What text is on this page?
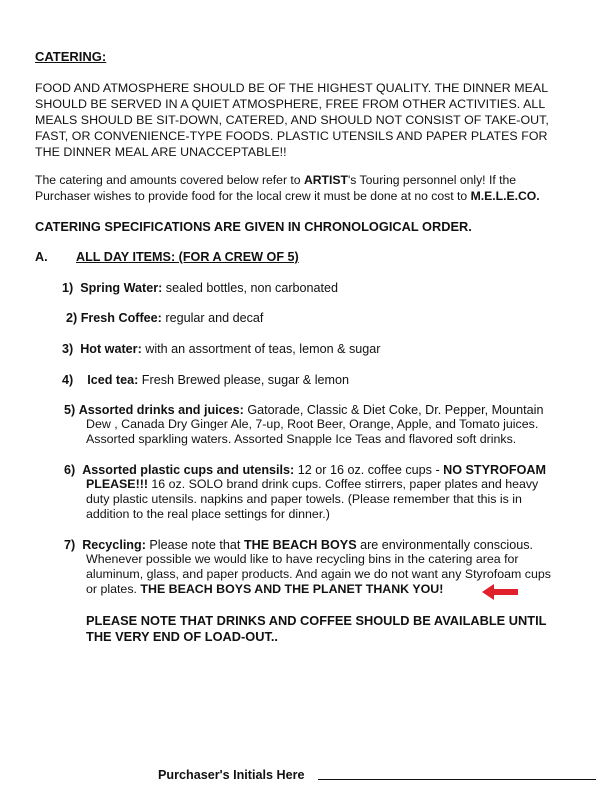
CATERING:
FOOD AND ATMOSPHERE SHOULD BE OF THE HIGHEST QUALITY. THE DINNER MEAL
SHOULD BE SERVED IN A QUIET ATMOSPHERE, FREE FROM OTHER ACTIVITIES. ALL
MEALS SHOULD BE SIT-DOWN, CATERED, AND SHOULD NOT CONSIST OF TAKE-OUT,
FAST, OR CONVENIENCE-TYPE FOODS. PLASTIC UTENSILS AND PAPER PLATES FOR
THE DINNER MEAL ARE UNACCEPTABLE!!
The catering and amounts covered below refer to ARTIST's Touring personnel only! If the
Purchaser wishes to provide food for the local crew it must be done at no cost to M.E.L.E.CO.
CATERING SPECIFICATIONS ARE GIVEN IN CHRONOLOGICAL ORDER.
A. ALL DAY ITEMS: (FOR A CREW OF 5)
1) Spring Water: sealed bottles, non carbonated
2) Fresh Coffee: regular and decaf
3) Hot water: with an assortment of teas, lemon & sugar
4) Iced tea: Fresh Brewed please, sugar & lemon
5) Assorted drinks and juices: Gatorade, Classic & Diet Coke, Dr. Pepper, Mountain
Dew , Canada Dry Ginger Ale, 7-up, Root Beer, Orange, Apple, and Tomato juices.
Assorted sparkling waters. Assorted Snapple Ice Teas and flavored soft drinks.
6) Assorted plastic cups and utensils: 12 or 16 oz. coffee cups - NO STYROFOAM
PLEASE!!! 16 oz. SOLO brand drink cups. Coffee stirrers, paper plates and heavy
duty plastic utensils. napkins and paper towels. (Please remember that this is in
addition to the real place settings for dinner.)
7) Recycling: Please note that THE BEACH BOYS are environmentally conscious.
Whenever possible we would like to have recycling bins in the catering area for
aluminum, glass, and paper products. And again we do not want any Styrofoam cups
or plates. THE BEACH BOYS AND THE PLANET THANK YOU!
PLEASE NOTE THAT DRINKS AND COFFEE SHOULD BE AVAILABLE UNTIL
THE VERY END OF LOAD-OUT..
Purchaser's Initials Here
